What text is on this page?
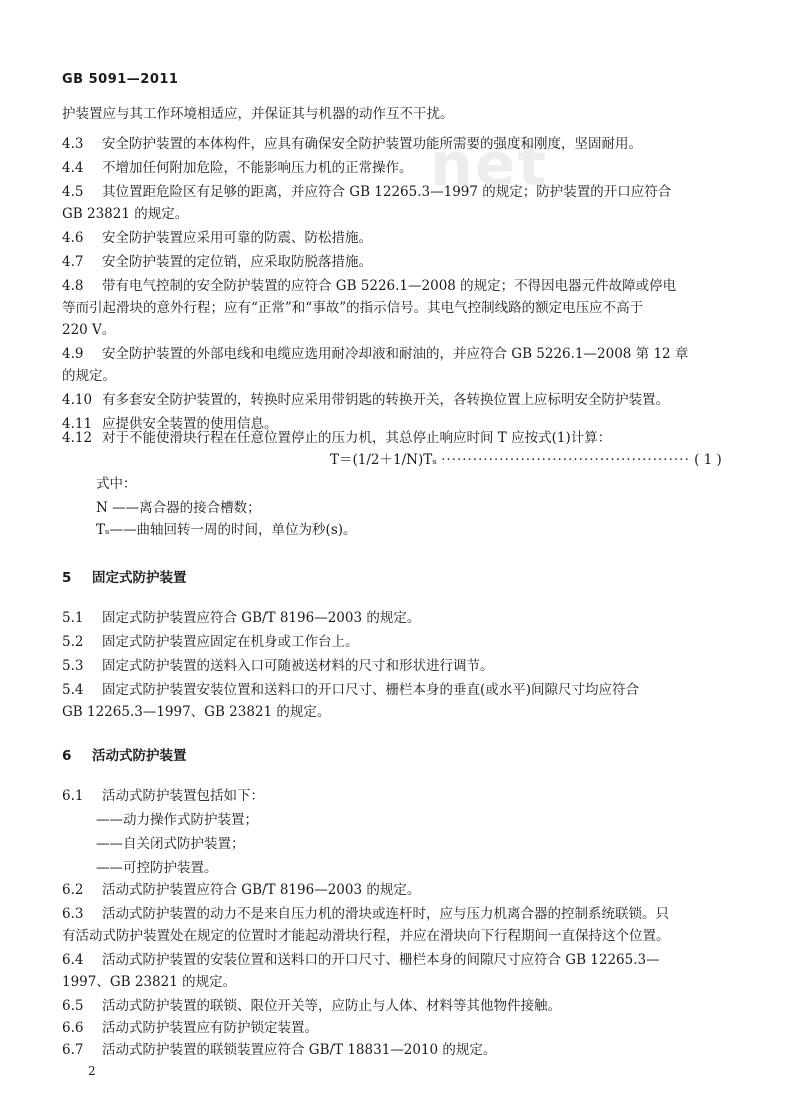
GB 5091—2011
net
护装置应与其工作环境相适应，并保证其与机器的动作互不干扰。
4.3 安全防护装置的本体构件，应具有确保安全防护装置功能所需要的强度和刚度，坚固耐用。
4.4 不增加任何附加危险，不能影响压力机的正常操作。
4.5 其位置距危险区有足够的距离，并应符合 GB 12265.3—1997 的规定；防护装置的开口应符合
GB 23821 的规定。
4.6 安全防护装置应采用可靠的防震、防松措施。
4.7 安全防护装置的定位销，应采取防脱落措施。
4.8 带有电气控制的安全防护装置的应符合 GB 5226.1—2008 的规定；不得因电器元件故障或停电
等而引起滑块的意外行程；应有“正常”和“事故”的指示信号。其电气控制线路的额定电压应不高于
220 V。
4.9 安全防护装置的外部电线和电缆应选用耐冷却液和耐油的，并应符合 GB 5226.1—2008 第 12 章
的规定。
4.10 有多套安全防护装置的，转换时应采用带钥匙的转换开关，各转换位置上应标明安全防护装置。
4.11 应提供安全装置的使用信息。
4.12 对于不能使滑块行程在任意位置停止的压力机，其总停止响应时间 T 应按式(1)计算：
T＝(1/2＋1/N)Tₛ ··············································· ( 1 )
式中：
N ——离合器的接合槽数；
Tₛ——曲轴回转一周的时间，单位为秒(s)。
5 固定式防护装置
5.1 固定式防护装置应符合 GB/T 8196—2003 的规定。
5.2 固定式防护装置应固定在机身或工作台上。
5.3 固定式防护装置的送料入口可随被送材料的尺寸和形状进行调节。
5.4 固定式防护装置安装位置和送料口的开口尺寸、栅栏本身的垂直(或水平)间隙尺寸均应符合
GB 12265.3—1997、GB 23821 的规定。
6 活动式防护装置
6.1 活动式防护装置包括如下：
——动力操作式防护装置；
——自关闭式防护装置；
——可控防护装置。
6.2 活动式防护装置应符合 GB/T 8196—2003 的规定。
6.3 活动式防护装置的动力不是来自压力机的滑块或连杆时，应与压力机离合器的控制系统联锁。只
有活动式防护装置处在规定的位置时才能起动滑块行程，并应在滑块向下行程期间一直保持这个位置。
6.4 活动式防护装置的安装位置和送料口的开口尺寸、栅栏本身的间隙尺寸应符合 GB 12265.3—
1997、GB 23821 的规定。
6.5 活动式防护装置的联锁、限位开关等，应防止与人体、材料等其他物件接触。
6.6 活动式防护装置应有防护锁定装置。
6.7 活动式防护装置的联锁装置应符合 GB/T 18831—2010 的规定。
2
